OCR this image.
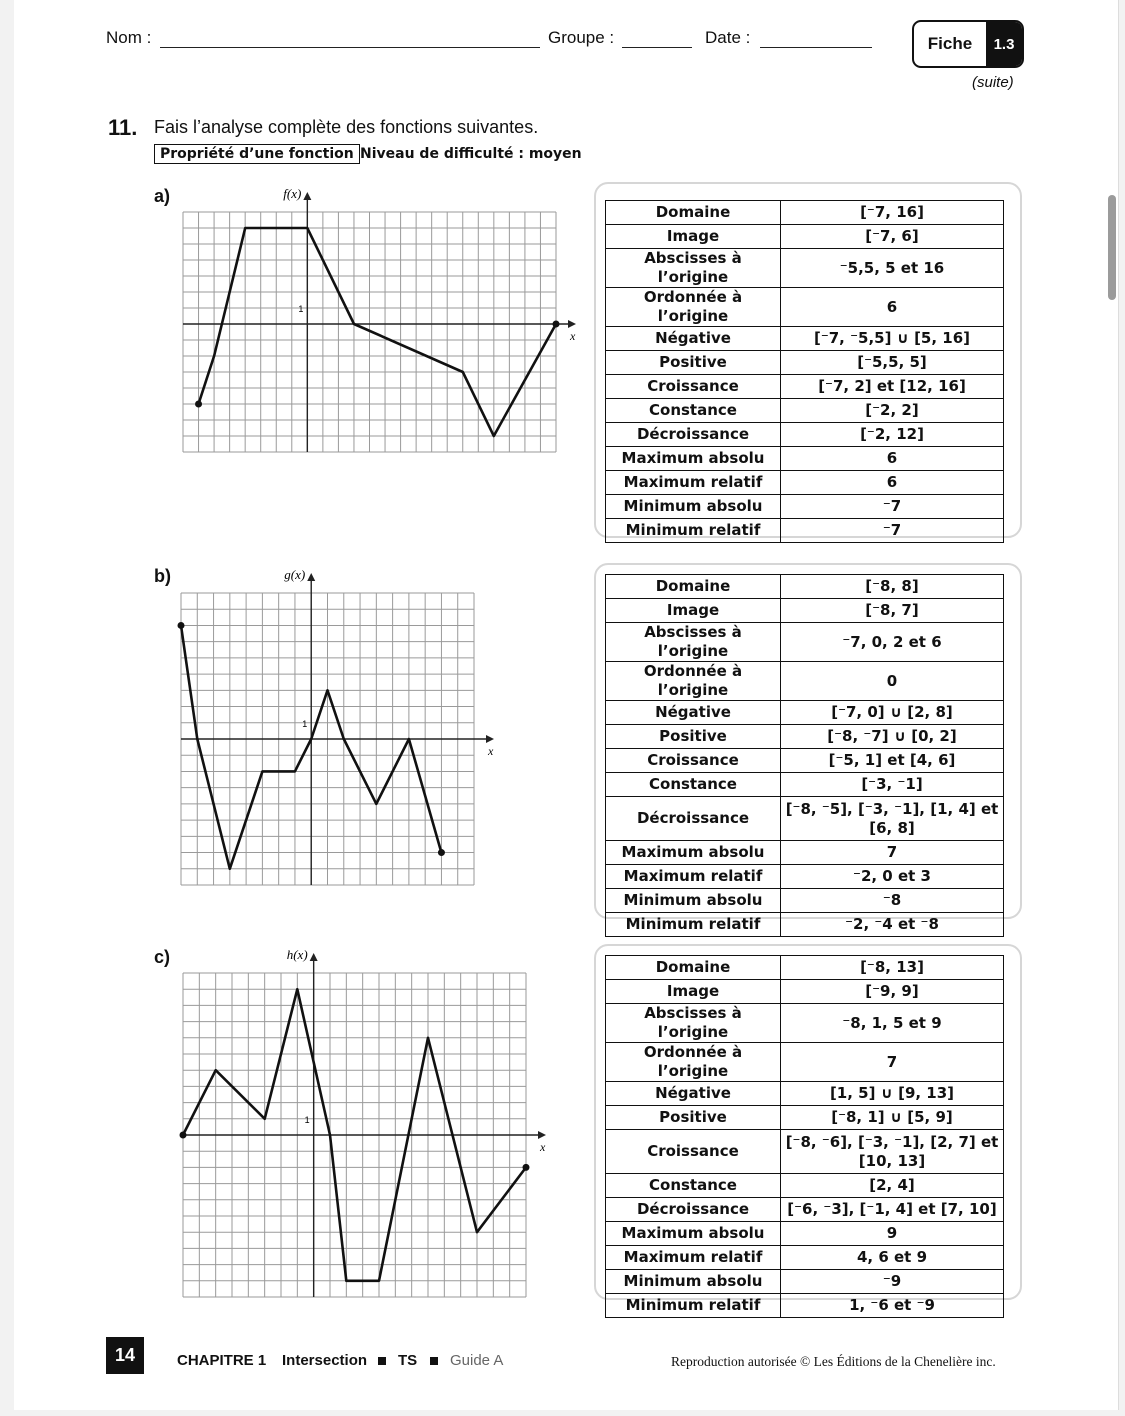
Nom :	Groupe :	Date :	Fiche	1.3
(suite)
11. Fais l’analyse complète des fonctions suivantes.
Propriété d’une fonction Niveau de difficulté : moyen
a)	f(x)
x
1
Domaine	[⁻7, 16]
Image	[⁻7, 6]
Abscisses à l’origine	⁻5,5, 5 et 16
Ordonnée à l’origine	6
Négative	[⁻7, ⁻5,5] ∪ [5, 16]
Positive	[⁻5,5, 5]
Croissance	[⁻7, 2] et [12, 16]
Constance	[⁻2, 2]
Décroissance	[⁻2, 12]
Maximum absolu	6
Maximum relatif	6
Minimum absolu	⁻7
Minimum relatif	⁻7
b)	g(x)
x
1
Domaine	[⁻8, 8]
Image	[⁻8, 7]
Abscisses à l’origine	⁻7, 0, 2 et 6
Ordonnée à l’origine	0
Négative	[⁻7, 0] ∪ [2, 8]
Positive	[⁻8, ⁻7] ∪ [0, 2]
Croissance	[⁻5, 1] et [4, 6]
Constance	[⁻3, ⁻1]
Décroissance	[⁻8, ⁻5], [⁻3, ⁻1], [1, 4] et [6, 8]
Maximum absolu	7
Maximum relatif	⁻2, 0 et 3
Minimum absolu	⁻8
Minimum relatif	⁻2, ⁻4 et ⁻8
c)	h(x)
x
1
Domaine	[⁻8, 13]
Image	[⁻9, 9]
Abscisses à l’origine	⁻8, 1, 5 et 9
Ordonnée à l’origine	7
Négative	[1, 5] ∪ [9, 13]
Positive	[⁻8, 1] ∪ [5, 9]
Croissance	[⁻8, ⁻6], [⁻3, ⁻1], [2, 7] et [10, 13]
Constance	[2, 4]
Décroissance	[⁻6, ⁻3], [⁻1, 4] et [7, 10]
Maximum absolu	9
Maximum relatif	4, 6 et 9
Minimum absolu	⁻9
Minimum relatif	1, ⁻6 et ⁻9
14	CHAPITRE 1 Intersection TS Guide A	Reproduction autorisée © Les Éditions de la Chenelière inc.
